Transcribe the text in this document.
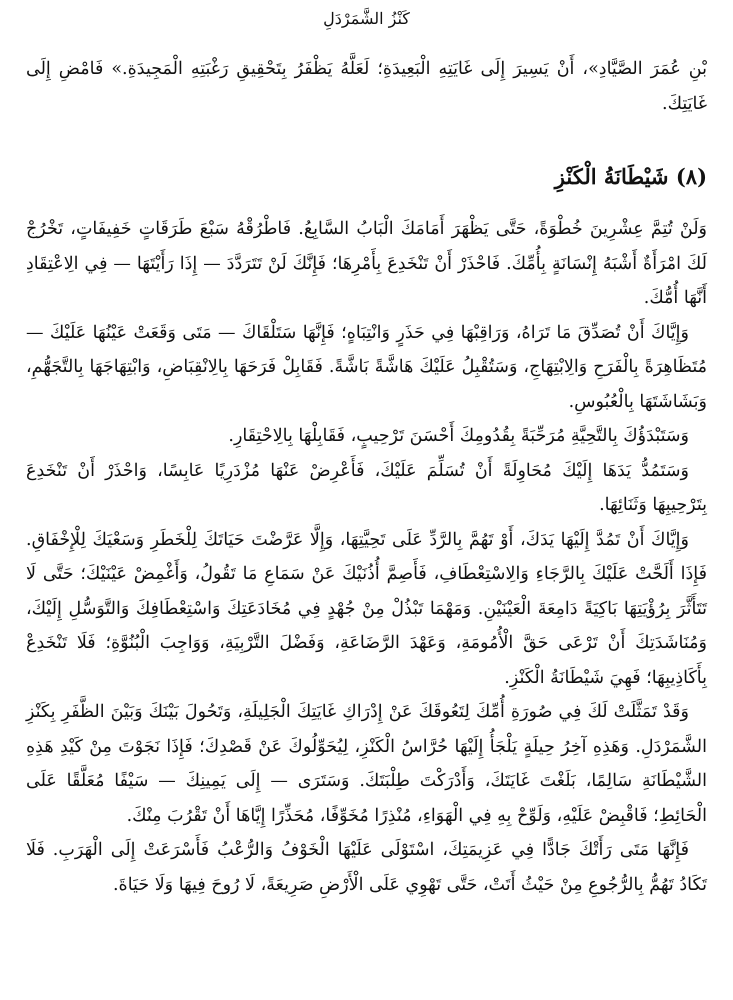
كَنْزُ الشَّمَرْدَلِ

بْنِ عُمَرَ الصَّيَّادِ»، أَنْ يَسِيرَ إِلَى غَايَتِهِ الْبَعِيدَةِ؛ لَعَلَّهُ يَظْفَرُ بِتَحْقِيقِ رَغْبَتِهِ الْمَجِيدَةِ.» فَامْضِ إِلَى غَايَتِكَ.

(٨) شَيْطَانَةُ الْكَنْزِ

وَلَنْ تُتِمَّ عِشْرِينَ خُطْوَةً، حَتَّى يَظْهَرَ أَمَامَكَ الْبَابُ السَّابِعُ. فَاطْرُقْهُ سَبْعَ طَرَقَاتٍ خَفِيفَاتٍ، تَخْرُجْ لَكَ امْرَأَةٌ أَشْبَهُ إِنْسَانَةٍ بِأُمِّكَ. فَاحْذَرْ أَنْ تَنْخَدِعَ بِأَمْرِهَا؛ فَإِنَّكَ لَنْ تَتَرَدَّدَ — إِذَا رَأَيْتَهَا — فِي الِاعْتِقَادِ أَنَّهَا أُمُّكَ.

وَإِيَّاكَ أَنْ تُصَدِّقَ مَا تَرَاهُ، وَرَاقِبْهَا فِي حَذَرٍ وَانْتِبَاهٍ؛ فَإِنَّهَا سَتَلْقَاكَ — مَتَى وَقَعَتْ عَيْنُهَا عَلَيْكَ — مُتَظَاهِرَةً بِالْفَرَحِ وَالِابْتِهَاجِ، وَسَتُقْبِلُ عَلَيْكَ هَاشَّةً بَاشَّةً. فَقَابِلْ فَرَحَهَا بِالِانْقِبَاضِ، وَابْتِهَاجَهَا بِالتَّجَهُّمِ، وَبَشَاشَتَهَا بِالْعُبُوسِ.

وَسَتَبْدَؤُكَ بِالتَّحِيَّةِ مُرَحِّبَةً بِقُدُومِكَ أَحْسَنَ تَرْحِيبٍ، فَقَابِلْهَا بِالِاحْتِقَارِ.

وَسَتَمُدُّ يَدَهَا إِلَيْكَ مُحَاوِلَةً أَنْ تُسَلِّمَ عَلَيْكَ، فَأَعْرِضْ عَنْهَا مُزْدَرِيًا عَابِسًا، وَاحْذَرْ أَنْ تَنْخَدِعَ بِتَرْحِيبِهَا وَثَنَائِهَا.

وَإِيَّاكَ أَنْ تَمُدَّ إِلَيْهَا يَدَكَ، أَوْ تَهُمَّ بِالرَّدِّ عَلَى تَحِيَّتِهَا، وَإِلَّا عَرَّضْتَ حَيَاتَكَ لِلْخَطَرِ وَسَعْيَكَ لِلْإِخْفَاقِ. فَإِذَا أَلَحَّتْ عَلَيْكَ بِالرَّجَاءِ وَالِاسْتِعْطَافِ، فَأَصِمَّ أُذُنَيْكَ عَنْ سَمَاعِ مَا تَقُولُ، وَأَغْمِضْ عَيْنَيْكَ؛ حَتَّى لَا تَتَأَثَّرَ بِرُؤْيَتِهَا بَاكِيَةً دَامِعَةَ الْعَيْنَيْنِ. وَمَهْمَا تَبْذُلْ مِنْ جُهْدٍ فِي مُخَادَعَتِكَ وَاسْتِعْطَافِكَ وَالتَّوَسُّلِ إِلَيْكَ، وَمُنَاشَدَتِكَ أَنْ تَرْعَى حَقَّ الْأُمُومَةِ، وَعَهْدَ الرَّضَاعَةِ، وَفَضْلَ التَّرْبِيَةِ، وَوَاجِبَ الْبُنُوَّةِ؛ فَلَا تَنْخَدِعْ بِأَكَاذِيبِهَا؛ فَهِيَ شَيْطَانَةُ الْكَنْزِ.

وَقَدْ تَمَثَّلَتْ لَكَ فِي صُورَةِ أُمِّكَ لِتَعُوقَكَ عَنْ إِدْرَاكِ غَايَتِكَ الْجَلِيلَةِ، وَتَحُولَ بَيْنَكَ وَبَيْنَ الظَّفَرِ بِكَنْزِ الشَّمَرْدَلِ. وَهَذِهِ آخِرُ حِيلَةٍ يَلْجَأُ إِلَيْهَا حُرَّاسُ الْكَنْزِ، لِيُحَوِّلُوكَ عَنْ قَصْدِكَ؛ فَإِذَا نَجَوْتَ مِنْ كَيْدِ هَذِهِ الشَّيْطَانَةِ سَالِمًا، بَلَغْتَ غَايَتَكَ، وَأَدْرَكْتَ طِلْبَتَكَ. وَسَتَرَى — إِلَى يَمِينِكَ — سَيْفًا مُعَلَّقًا عَلَى الْحَائِطِ؛ فَاقْبِضْ عَلَيْهِ، وَلَوِّحْ بِهِ فِي الْهَوَاءِ، مُنْذِرًا مُخَوِّفًا، مُحَذِّرًا إِيَّاهَا أَنْ تَقْرُبَ مِنْكَ.

فَإِنَّهَا مَتَى رَأَتْكَ جَادًّا فِي عَزِيمَتِكَ، اسْتَوْلَى عَلَيْهَا الْخَوْفُ وَالرُّعْبُ فَأَسْرَعَتْ إِلَى الْهَرَبِ. فَلَا تَكَادُ تَهُمُّ بِالرُّجُوعِ مِنْ حَيْثُ أَتَتْ، حَتَّى تَهْوِي عَلَى الْأَرْضِ صَرِيعَةً، لَا رُوحَ فِيهَا وَلَا حَيَاةَ.
